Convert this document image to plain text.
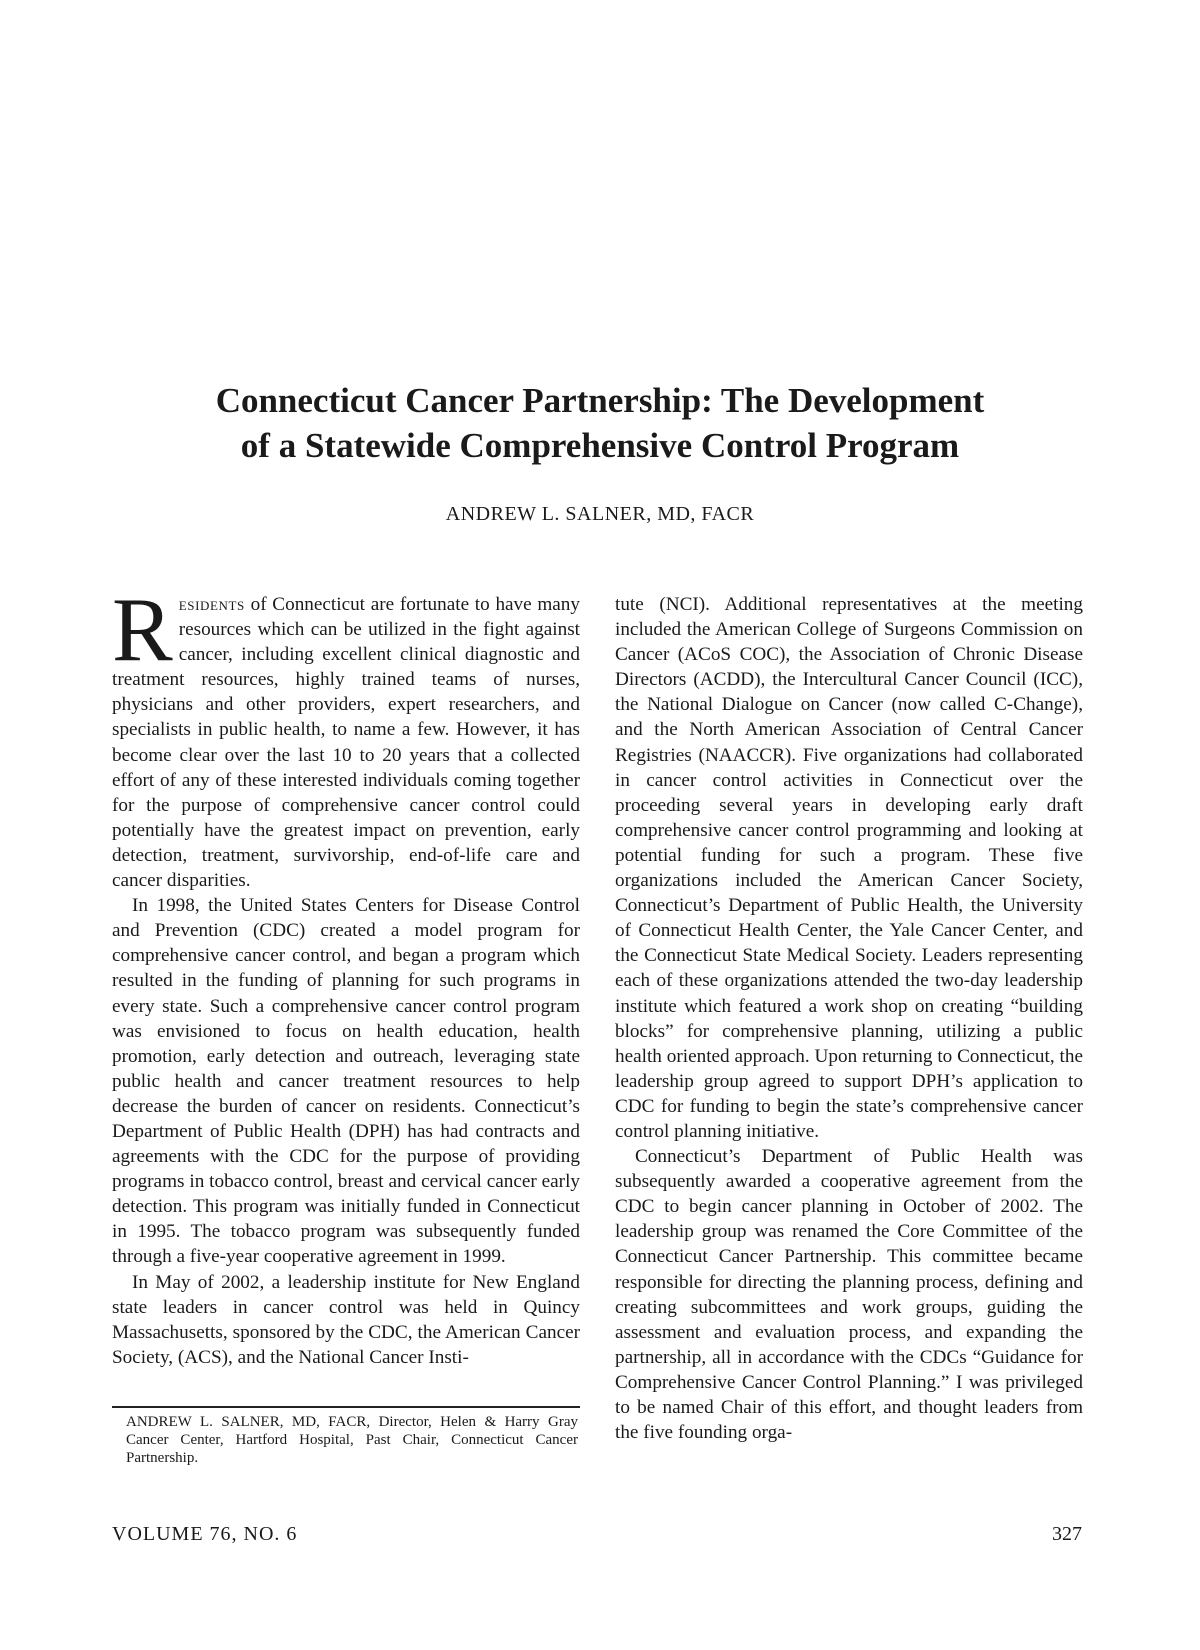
Connecticut Cancer Partnership: The Development
of a Statewide Comprehensive Control Program
ANDREW L. SALNER, MD, FACR

Residents of Connecticut are fortunate to have many resources which can be utilized in the fight against cancer, including excellent clinical diagnostic and treatment resources, highly trained teams of nurses, physicians and other providers, expert researchers, and specialists in public health, to name a few. However, it has become clear over the last 10 to 20 years that a collected effort of any of these interested individuals coming together for the purpose of comprehensive cancer control could potentially have the greatest impact on prevention, early detection, treatment, survivorship, end-of-life care and cancer disparities.

In 1998, the United States Centers for Disease Control and Prevention (CDC) created a model program for comprehensive cancer control, and began a program which resulted in the funding of planning for such programs in every state. Such a comprehensive cancer control program was envisioned to focus on health education, health promotion, early detection and outreach, leveraging state public health and cancer treatment resources to help decrease the burden of cancer on residents. Connecticut’s Department of Public Health (DPH) has had contracts and agreements with the CDC for the purpose of providing programs in tobacco control, breast and cervical cancer early detection. This program was initially funded in Connecticut in 1995. The tobacco program was subsequently funded through a five-year cooperative agreement in 1999.

In May of 2002, a leadership institute for New England state leaders in cancer control was held in Quincy Massachusetts, sponsored by the CDC, the American Cancer Society, (ACS), and the National Cancer Insti-

ANDREW L. SALNER, MD, FACR, Director, Helen & Harry Gray Cancer Center, Hartford Hospital, Past Chair, Connecticut Cancer Partnership.

tute (NCI). Additional representatives at the meeting included the American College of Surgeons Commission on Cancer (ACoS COC), the Association of Chronic Disease Directors (ACDD), the Intercultural Cancer Council (ICC), the National Dialogue on Cancer (now called C-Change), and the North American Association of Central Cancer Registries (NAACCR). Five organizations had collaborated in cancer control activities in Connecticut over the proceeding several years in developing early draft comprehensive cancer control programming and looking at potential funding for such a program. These five organizations included the American Cancer Society, Connecticut’s Department of Public Health, the University of Connecticut Health Center, the Yale Cancer Center, and the Connecticut State Medical Society. Leaders representing each of these organizations attended the two-day leadership institute which featured a work shop on creating “building blocks” for comprehensive planning, utilizing a public health oriented approach. Upon returning to Connecticut, the leadership group agreed to support DPH’s application to CDC for funding to begin the state’s comprehensive cancer control planning initiative.

Connecticut’s Department of Public Health was subsequently awarded a cooperative agreement from the CDC to begin cancer planning in October of 2002. The leadership group was renamed the Core Committee of the Connecticut Cancer Partnership. This committee became responsible for directing the planning process, defining and creating subcommittees and work groups, guiding the assessment and evaluation process, and expanding the partnership, all in accordance with the CDCs “Guidance for Comprehensive Cancer Control Planning.” I was privileged to be named Chair of this effort, and thought leaders from the five founding orga-

VOLUME 76, NO. 6	327
